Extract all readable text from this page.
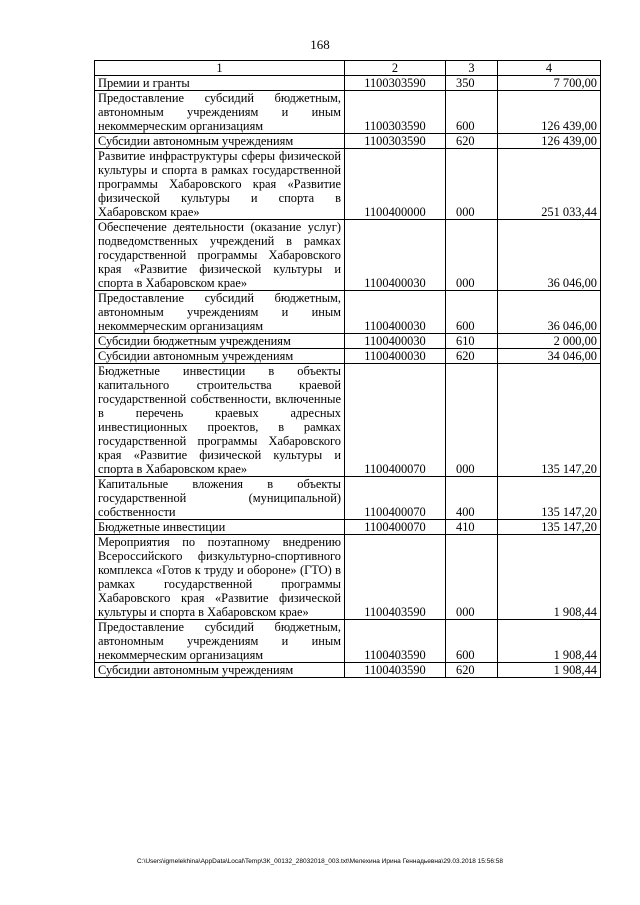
168
1	2	3	4
Премии и гранты	1100303590	350	7 700,00
Предоставление субсидий бюджетным, автономным учреждениям и иным некоммерческим организациям	1100303590	600	126 439,00
Субсидии автономным учреждениям	1100303590	620	126 439,00
Развитие инфраструктуры сферы физической культуры и спорта в рамках государственной программы Хабаровского края «Развитие физической культуры и спорта в Хабаровском крае»	1100400000	000	251 033,44
Обеспечение деятельности (оказание услуг) подведомственных учреждений в рамках государственной программы Хабаровского края «Развитие физической культуры и спорта в Хабаровском крае»	1100400030	000	36 046,00
Предоставление субсидий бюджетным, автономным учреждениям и иным некоммерческим организациям	1100400030	600	36 046,00
Субсидии бюджетным учреждениям	1100400030	610	2 000,00
Субсидии автономным учреждениям	1100400030	620	34 046,00
Бюджетные инвестиции в объекты капитального строительства краевой государственной собственности, включенные в перечень краевых адресных инвестиционных проектов, в рамках государственной программы Хабаровского края «Развитие физической культуры и спорта в Хабаровском крае»	1100400070	000	135 147,20
Капитальные вложения в объекты государственной (муниципальной) собственности	1100400070	400	135 147,20
Бюджетные инвестиции	1100400070	410	135 147,20
Мероприятия по поэтапному внедрению Всероссийского физкультурно-спортивного комплекса «Готов к труду и обороне» (ГТО) в рамках государственной программы Хабаровского края «Развитие физической культуры и спорта в Хабаровском крае»	1100403590	000	1 908,44
Предоставление субсидий бюджетным, автономным учреждениям и иным некоммерческим организациям	1100403590	600	1 908,44
Субсидии автономным учреждениям	1100403590	620	1 908,44
C:\Users\igmelekhina\AppData\Local\Temp\ЗК_00132_28032018_003.txt\Мелехина Ирина Геннадьевна\29.03.2018 15:56:58
